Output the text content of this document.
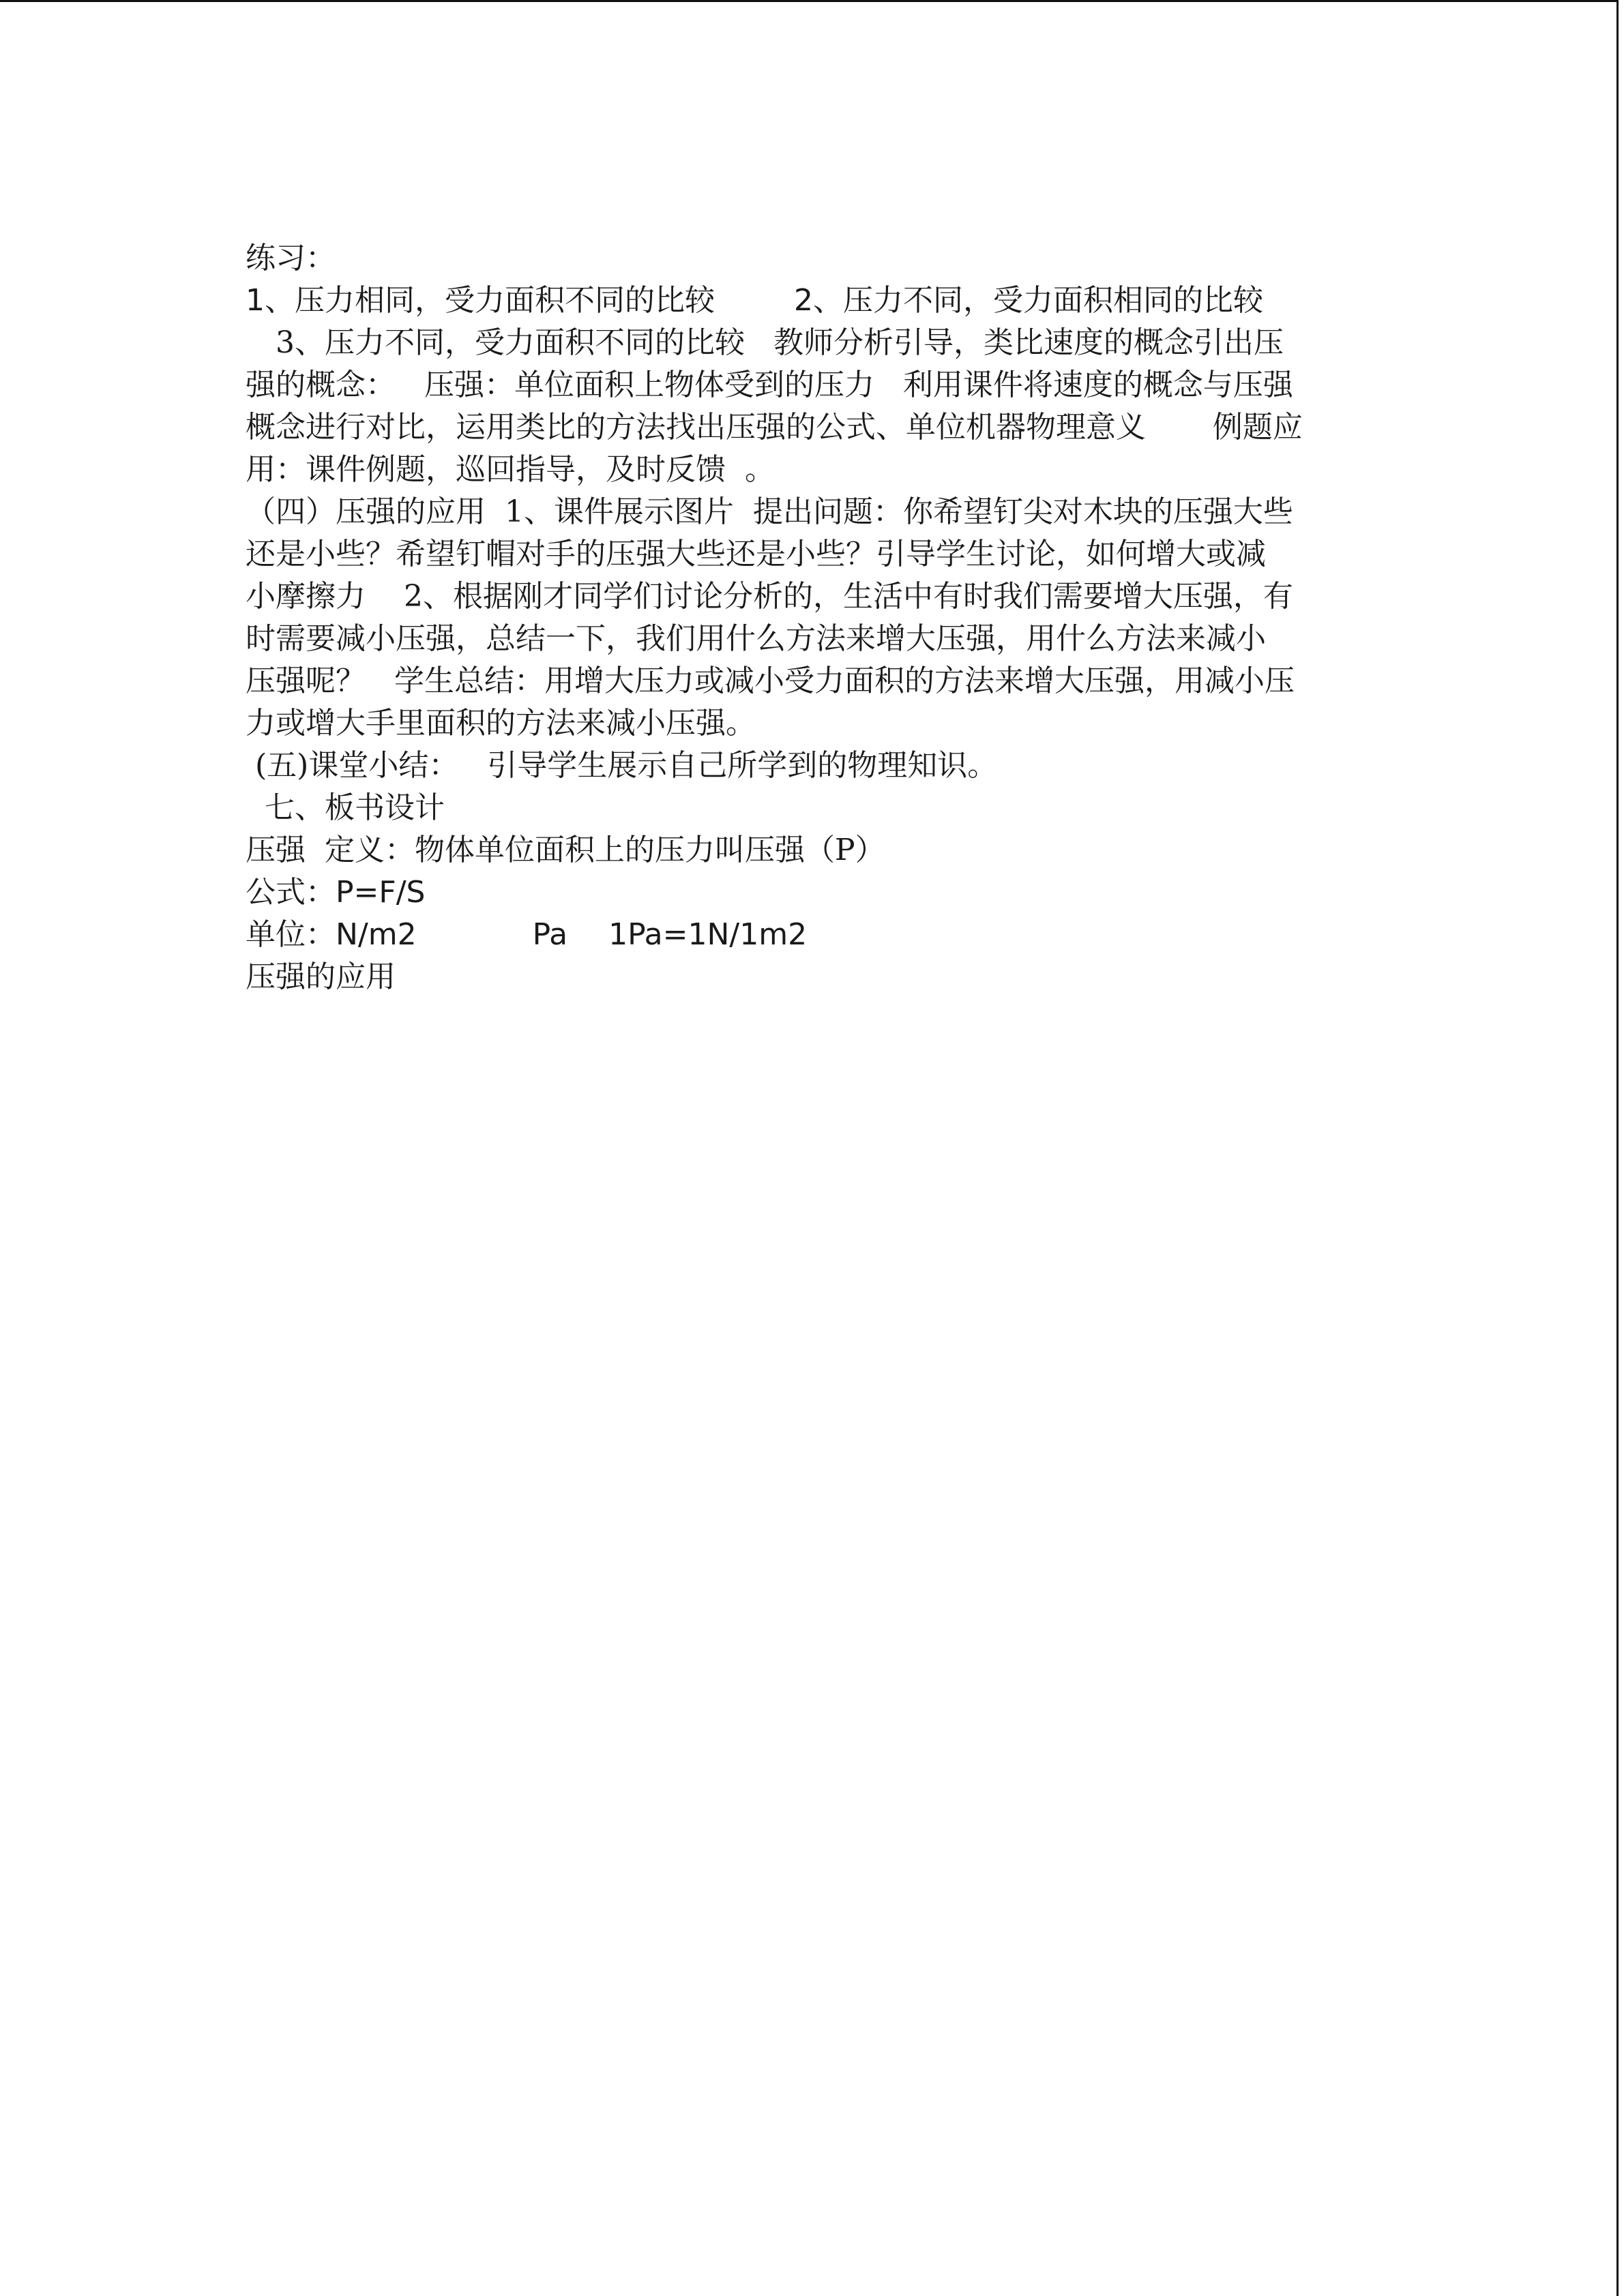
练习：
1、压力相同，受力面积不同的比较	2、压力不同，受力面积相同的比较
　3、压力不同，受力面积不同的比较   教师分析引导，类比速度的概念引出压
强的概念：   压强：单位面积上物体受到的压力   利用课件将速度的概念与压强
概念进行对比，运用类比的方法找出压强的公式、单位机器物理意义       例题应
用：课件例题，巡回指导，及时反馈  。
（四）压强的应用  1、课件展示图片  提出问题：你希望钉尖对木块的压强大些
还是小些？希望钉帽对手的压强大些还是小些？引导学生讨论，如何增大或减
小摩擦力    2、根据刚才同学们讨论分析的，生活中有时我们需要增大压强，有
时需要减小压强，总结一下，我们用什么方法来增大压强，用什么方法来减小
压强呢？   学生总结：用增大压力或减小受力面积的方法来增大压强，用减小压
力或增大手里面积的方法来减小压强。
(五)课堂小结：   引导学生展示自己所学到的物理知识。
七、板书设计
压强  定义：物体单位面积上的压力叫压强（P）
公式：P=F/S
单位：N/m2	Pa 1Pa=1N/1m2
压强的应用
